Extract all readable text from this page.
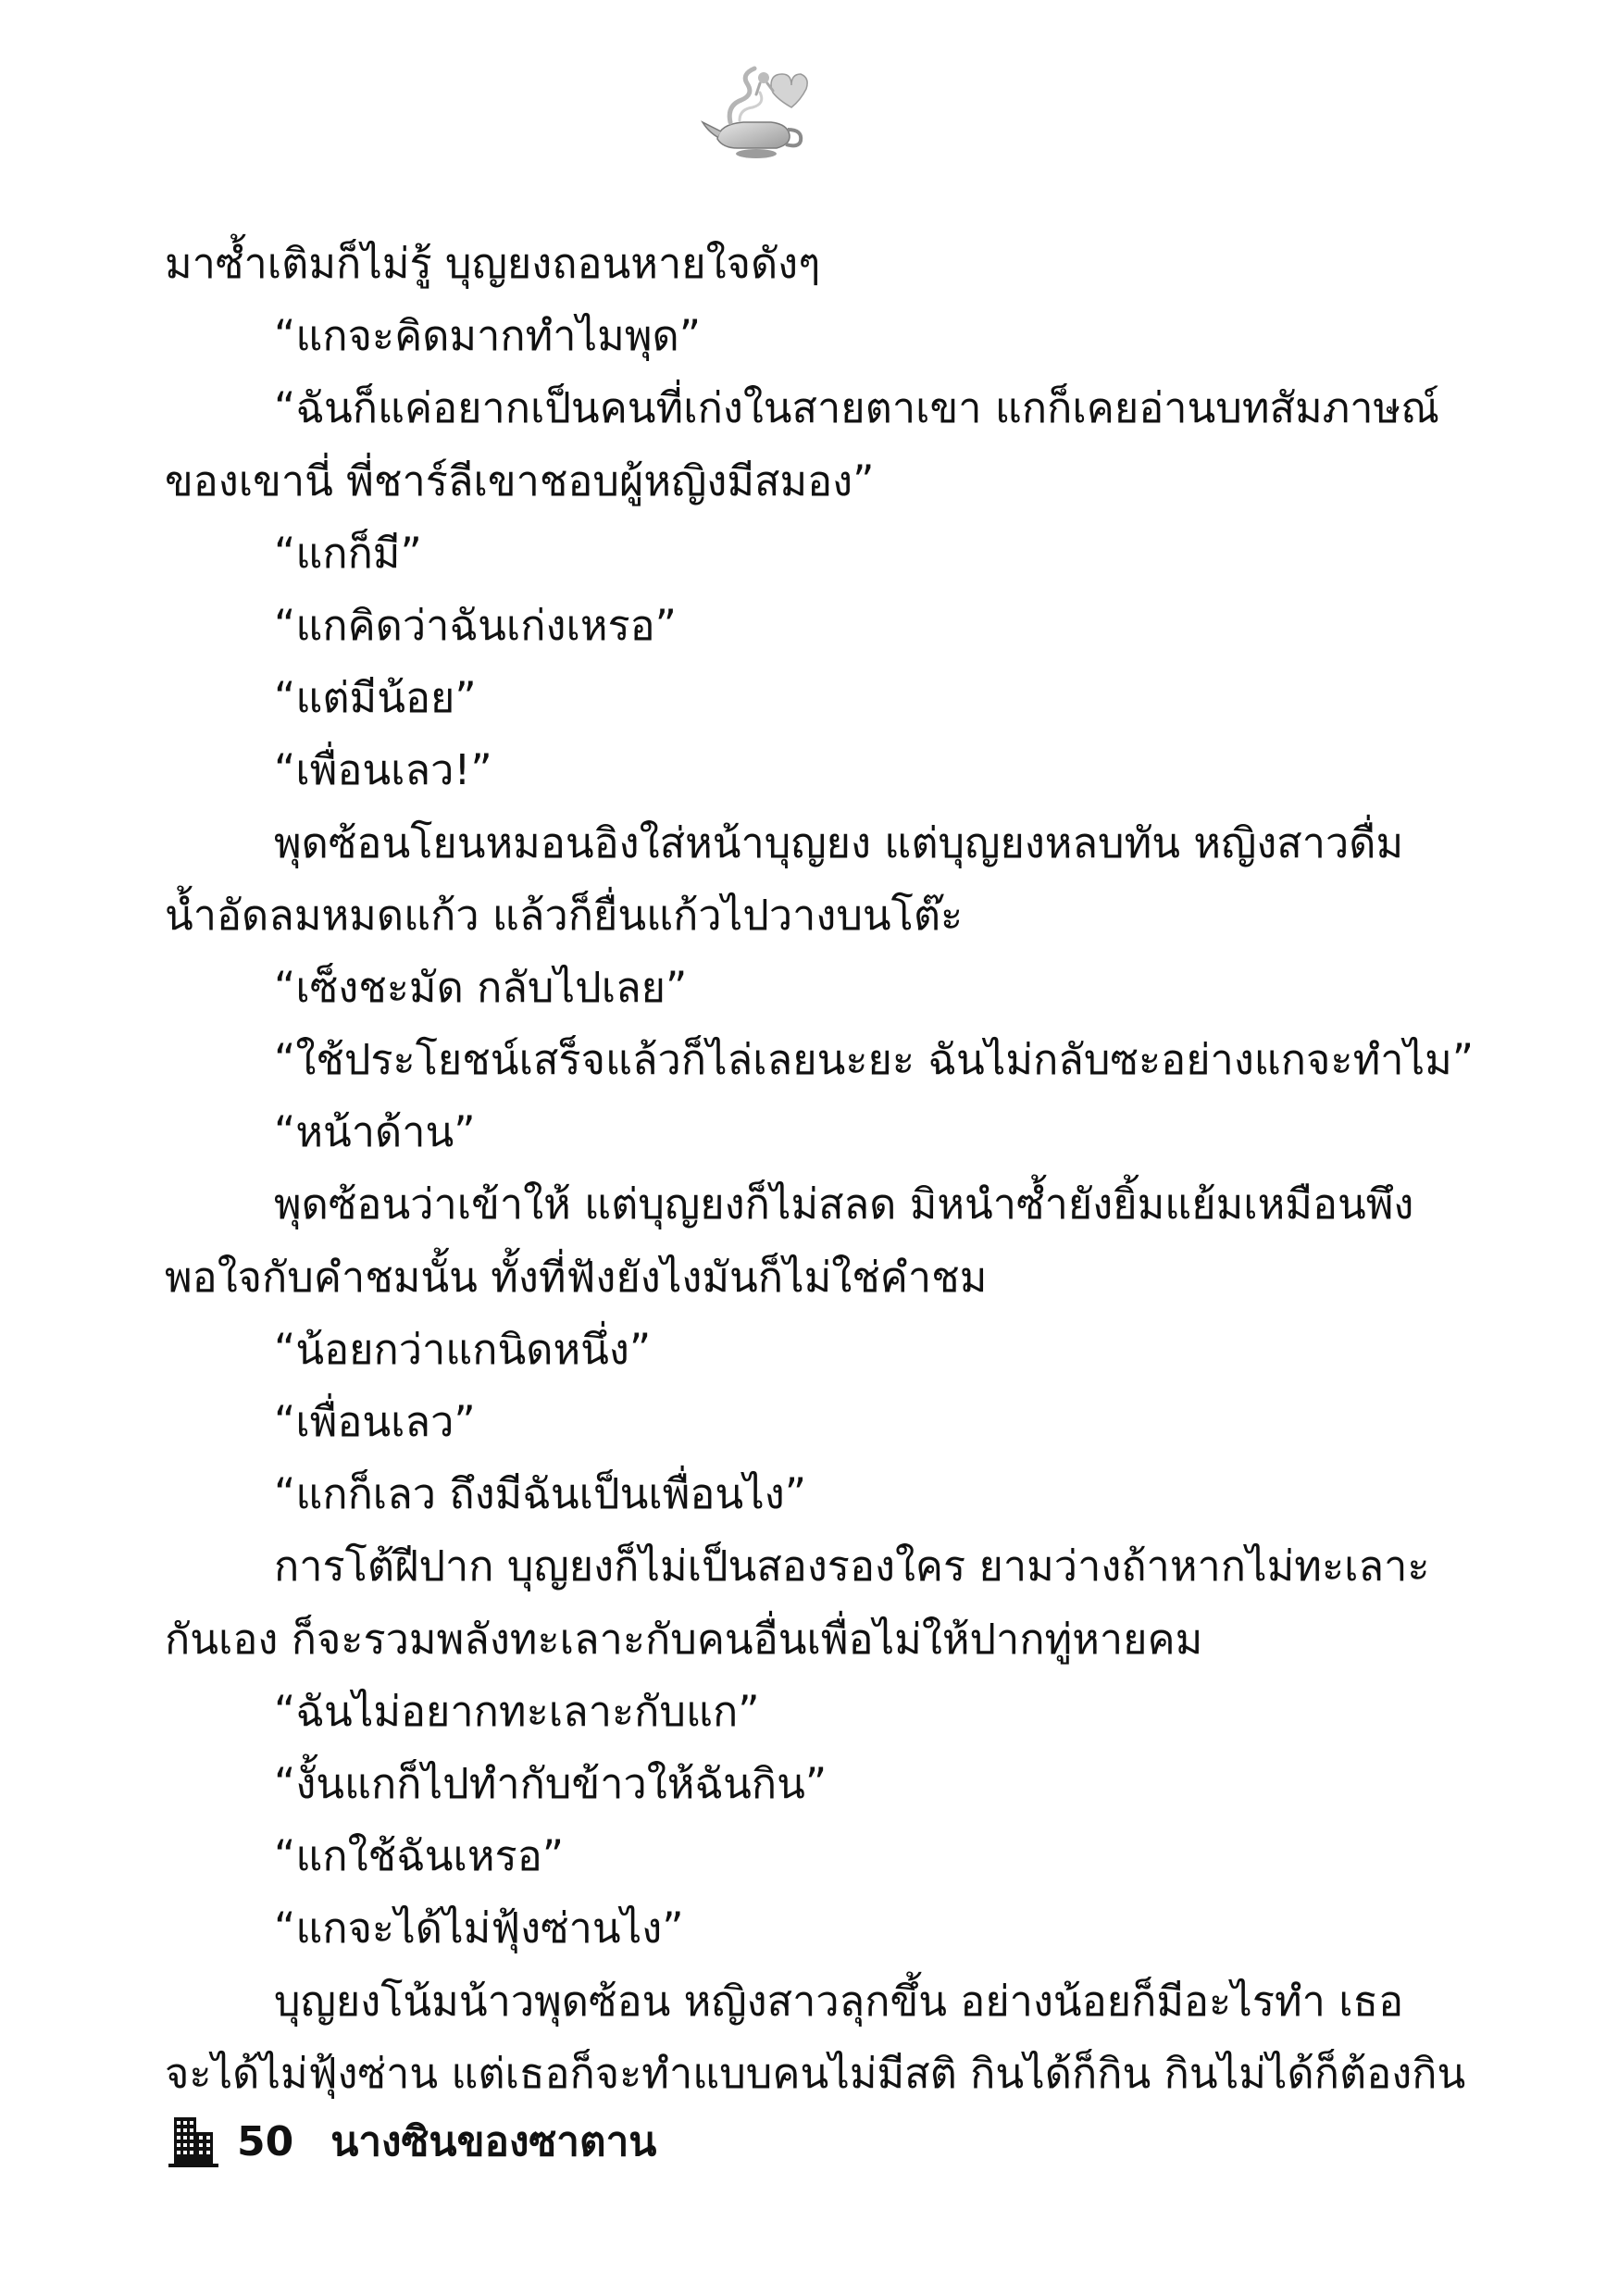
มาซ้ำเติมก็ไม่รู้ บุญยงถอนหายใจดังๆ
“แกจะคิดมากทำไมพุด”
“ฉันก็แค่อยากเป็นคนที่เก่งในสายตาเขา แกก็เคยอ่านบทสัมภาษณ์
ของเขานี่ พี่ชาร์ลีเขาชอบผู้หญิงมีสมอง”
“แกก็มี”
“แกคิดว่าฉันเก่งเหรอ”
“แต่มีน้อย”
“เพื่อนเลว!”
พุดซ้อนโยนหมอนอิงใส่หน้าบุญยง แต่บุญยงหลบทัน หญิงสาวดื่ม
น้ำอัดลมหมดแก้ว แล้วก็ยื่นแก้วไปวางบนโต๊ะ
“เซ็งชะมัด กลับไปเลย”
“ใช้ประโยชน์เสร็จแล้วก็ไล่เลยนะยะ ฉันไม่กลับซะอย่างแกจะทำไม”
“หน้าด้าน”
พุดซ้อนว่าเข้าให้ แต่บุญยงก็ไม่สลด มิหนำซ้ำยังยิ้มแย้มเหมือนพึง
พอใจกับคำชมนั้น ทั้งที่ฟังยังไงมันก็ไม่ใช่คำชม
“น้อยกว่าแกนิดหนึ่ง”
“เพื่อนเลว”
“แกก็เลว ถึงมีฉันเป็นเพื่อนไง”
การโต้ฝีปาก บุญยงก็ไม่เป็นสองรองใคร ยามว่างถ้าหากไม่ทะเลาะ
กันเอง ก็จะรวมพลังทะเลาะกับคนอื่นเพื่อไม่ให้ปากทู่หายคม
“ฉันไม่อยากทะเลาะกับแก”
“งั้นแกก็ไปทำกับข้าวให้ฉันกิน”
“แกใช้ฉันเหรอ”
“แกจะได้ไม่ฟุ้งซ่านไง”
บุญยงโน้มน้าวพุดซ้อน หญิงสาวลุกขึ้น อย่างน้อยก็มีอะไรทำ เธอ
จะได้ไม่ฟุ้งซ่าน แต่เธอก็จะทำแบบคนไม่มีสติ กินได้ก็กิน กินไม่ได้ก็ต้องกิน
50 นางซินของซาตาน
